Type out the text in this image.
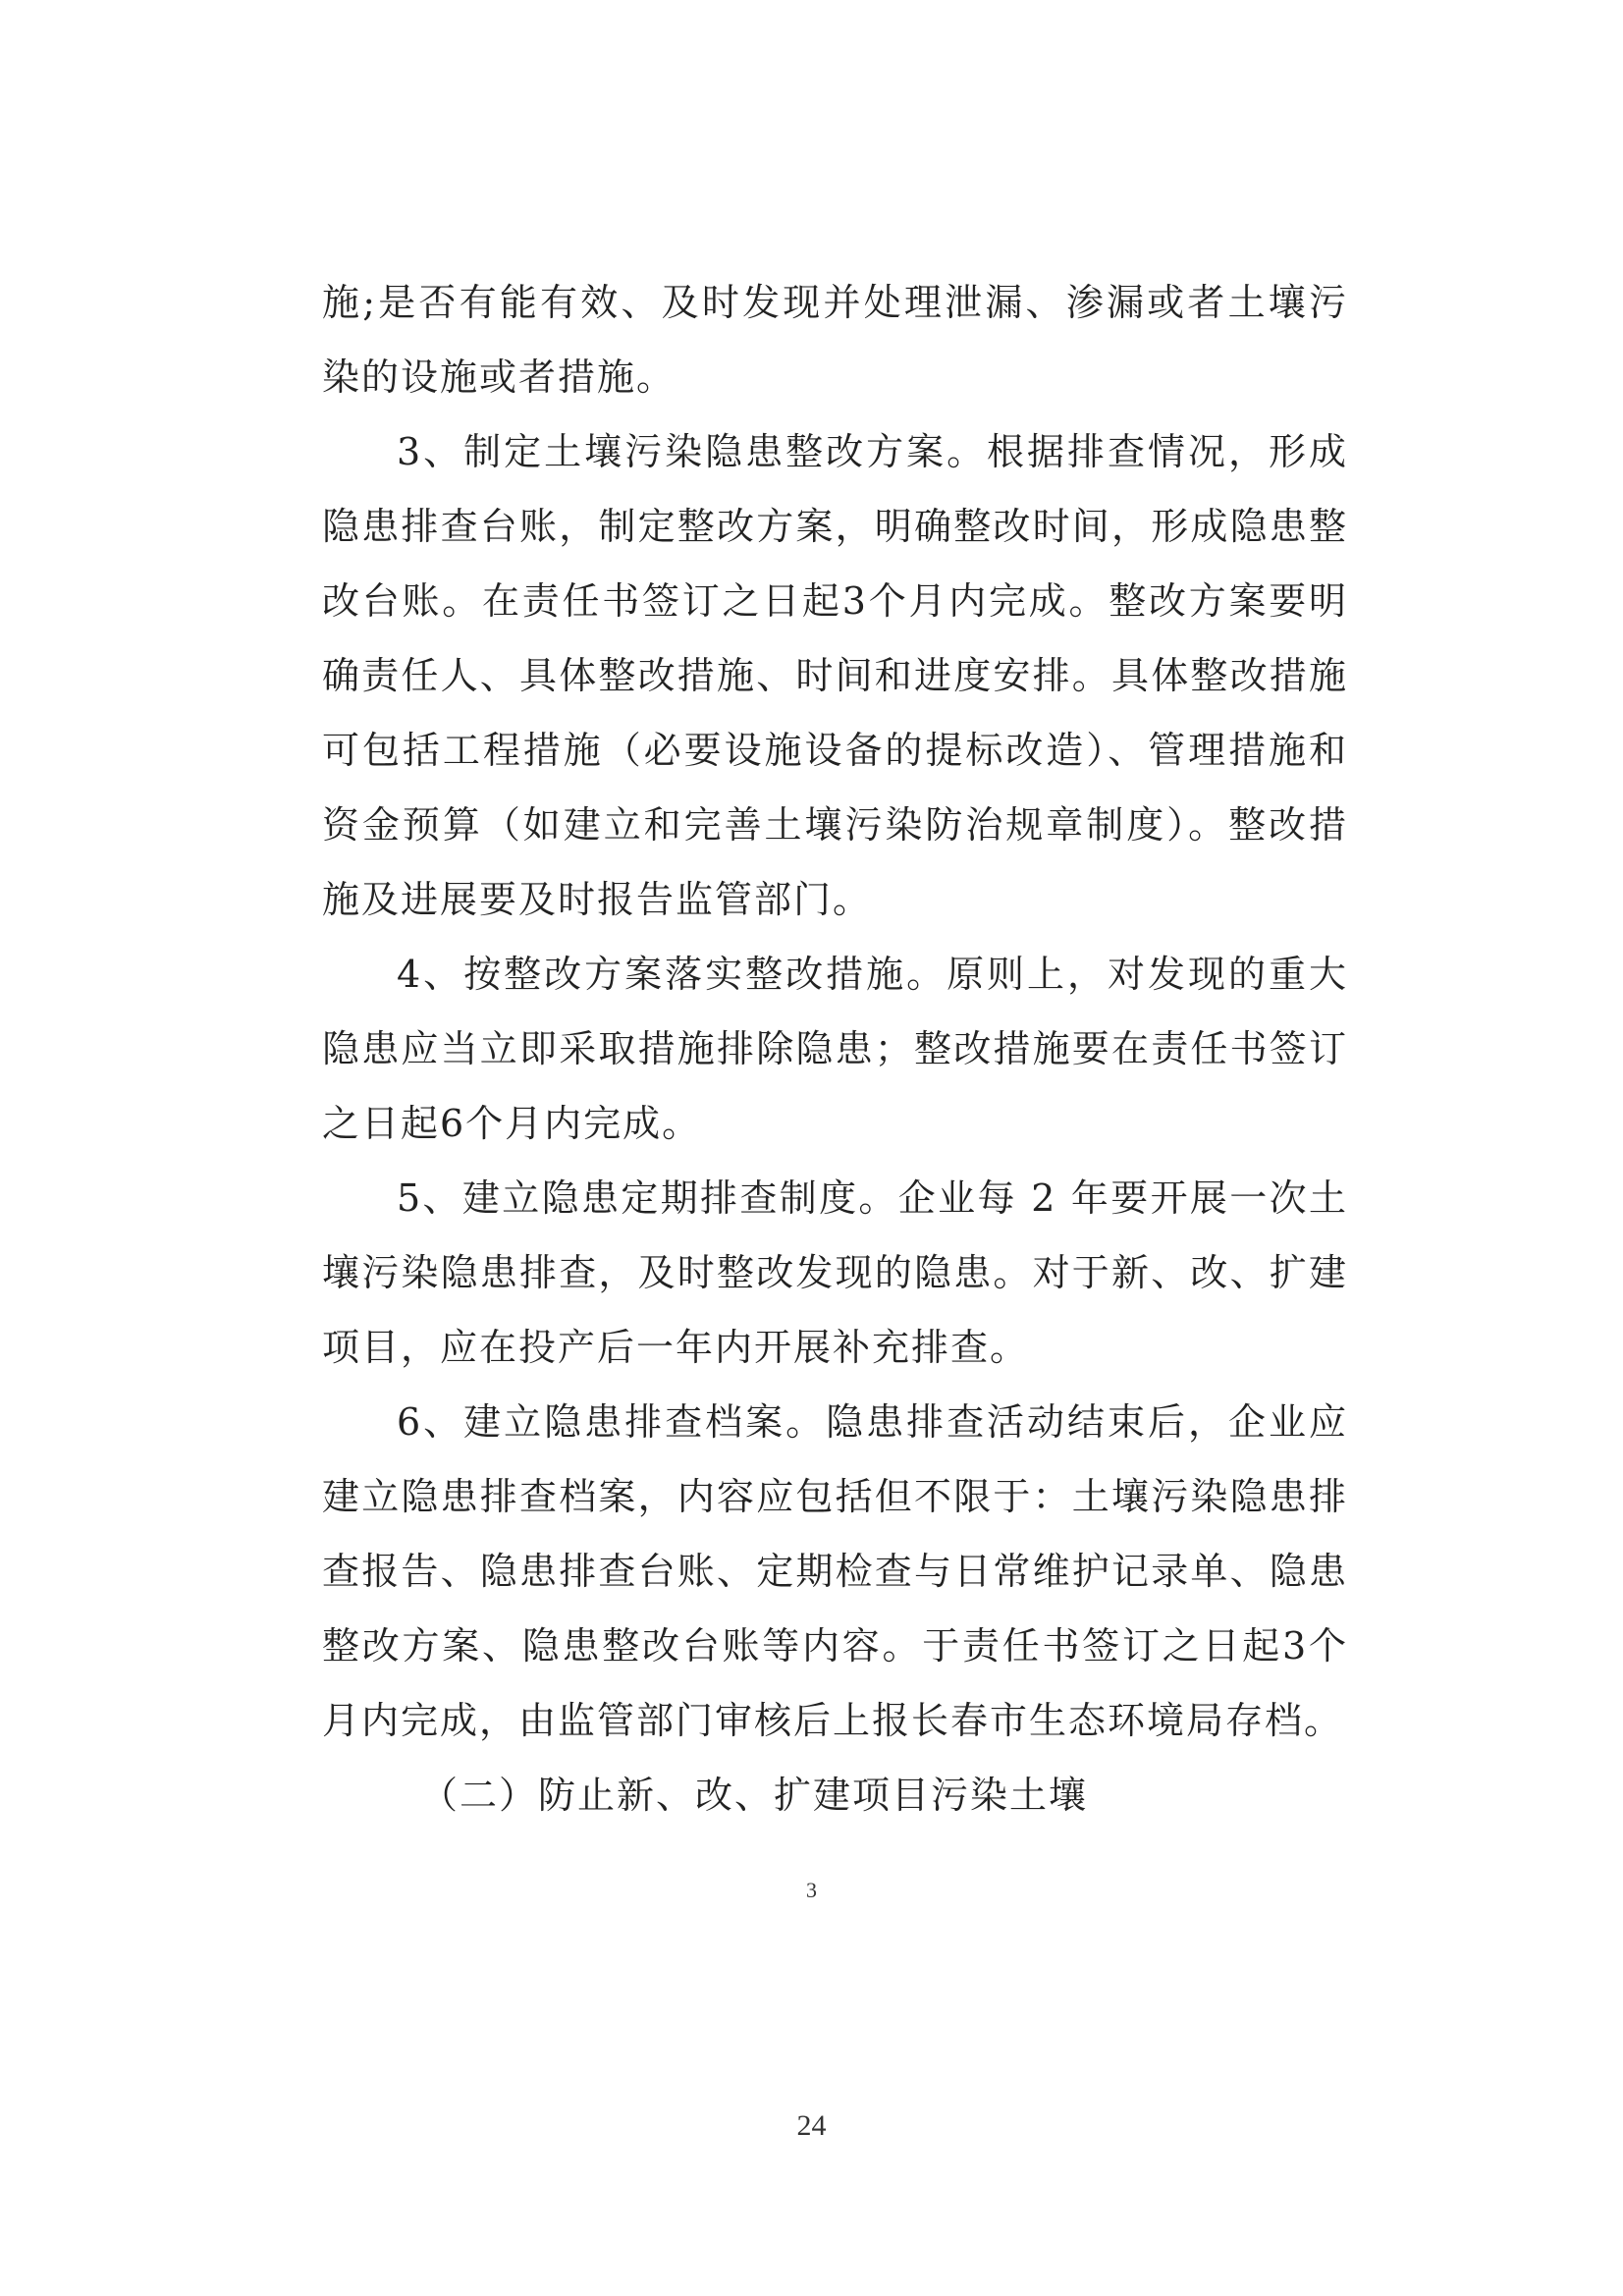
施;是否有能有效、及时发现并处理泄漏、渗漏或者土壤污染的设施或者措施。

3、制定土壤污染隐患整改方案。根据排查情况，形成隐患排查台账，制定整改方案，明确整改时间，形成隐患整改台账。在责任书签订之日起3个月内完成。整改方案要明确责任人、具体整改措施、时间和进度安排。具体整改措施可包括工程措施（必要设施设备的提标改造）、管理措施和资金预算（如建立和完善土壤污染防治规章制度）。整改措施及进展要及时报告监管部门。

4、按整改方案落实整改措施。原则上，对发现的重大隐患应当立即采取措施排除隐患；整改措施要在责任书签订之日起6个月内完成。

5、建立隐患定期排查制度。企业每 2 年要开展一次土壤污染隐患排查，及时整改发现的隐患。对于新、改、扩建项目，应在投产后一年内开展补充排查。

6、建立隐患排查档案。隐患排查活动结束后，企业应建立隐患排查档案，内容应包括但不限于：土壤污染隐患排查报告、隐患排查台账、定期检查与日常维护记录单、隐患整改方案、隐患整改台账等内容。于责任书签订之日起3个月内完成，由监管部门审核后上报长春市生态环境局存档。

（二）防止新、改、扩建项目污染土壤

3
24
